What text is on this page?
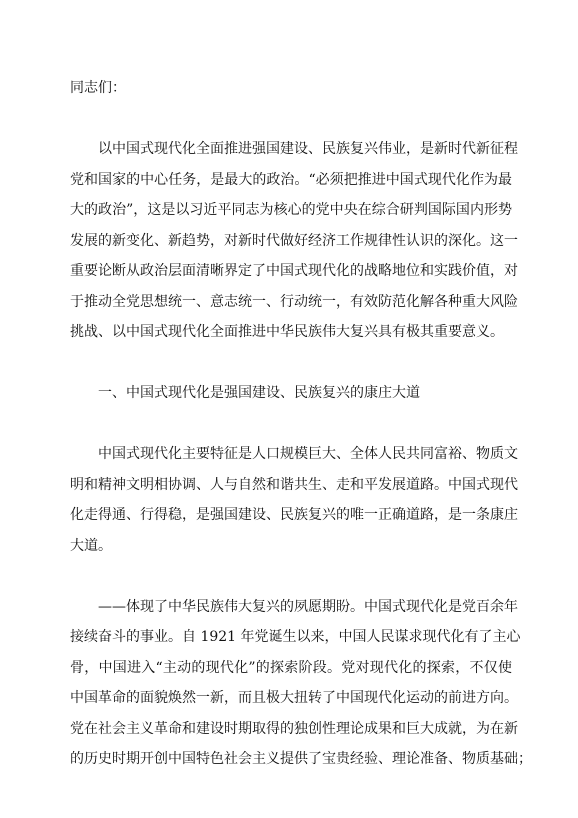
同志们：
以中国式现代化全面推进强国建设、民族复兴伟业，是新时代新征程
党和国家的中心任务，是最大的政治。“必须把推进中国式现代化作为最
大的政治”，这是以习近平同志为核心的党中央在综合研判国际国内形势
发展的新变化、新趋势，对新时代做好经济工作规律性认识的深化。这一
重要论断从政治层面清晰界定了中国式现代化的战略地位和实践价值，对
于推动全党思想统一、意志统一、行动统一，有效防范化解各种重大风险
挑战、以中国式现代化全面推进中华民族伟大复兴具有极其重要意义。
一、中国式现代化是强国建设、民族复兴的康庄大道
中国式现代化主要特征是人口规模巨大、全体人民共同富裕、物质文
明和精神文明相协调、人与自然和谐共生、走和平发展道路。中国式现代
化走得通、行得稳，是强国建设、民族复兴的唯一正确道路，是一条康庄
大道。
——体现了中华民族伟大复兴的夙愿期盼。中国式现代化是党百余年
接续奋斗的事业。自 1921 年党诞生以来，中国人民谋求现代化有了主心
骨，中国进入“主动的现代化”的探索阶段。党对现代化的探索，不仅使
中国革命的面貌焕然一新，而且极大扭转了中国现代化运动的前进方向。
党在社会主义革命和建设时期取得的独创性理论成果和巨大成就，为在新
的历史时期开创中国特色社会主义提供了宝贵经验、理论准备、物质基础；
